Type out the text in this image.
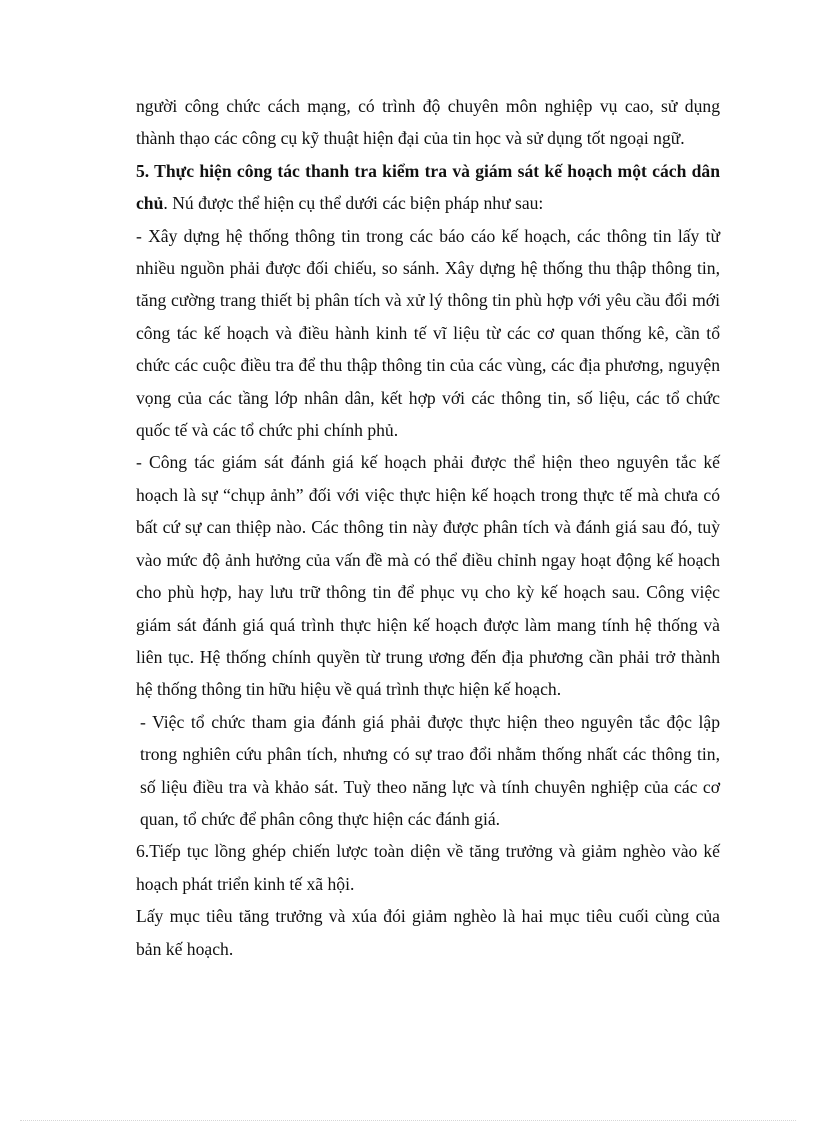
người công chức cách mạng, có trình độ chuyên môn nghiệp vụ cao, sử dụng thành thạo các công cụ kỹ thuật hiện đại của tin học và sử dụng tốt ngoại ngữ.

5. Thực hiện công tác thanh tra kiểm tra và giám sát kế hoạch một cách dân chủ. Nú được thể hiện cụ thể dưới các biện pháp như sau:

- Xây dựng hệ thống thông tin trong các báo cáo kế hoạch, các thông tin lấy từ nhiều nguồn phải được đối chiếu, so sánh. Xây dựng hệ thống thu thập thông tin, tăng cường trang thiết bị phân tích và xử lý thông tin phù hợp với yêu cầu đổi mới công tác kế hoạch và điều hành kinh tế vĩ liệu từ các cơ quan thống kê, cần tổ chức các cuộc điều tra để thu thập thông tin của các vùng, các địa phương, nguyện vọng của các tầng lớp nhân dân, kết hợp với các thông tin, số liệu, các tổ chức quốc tế và các tổ chức phi chính phủ.

- Công tác giám sát đánh giá kế hoạch phải được thể hiện theo nguyên tắc kế hoạch là sự “chụp ảnh” đối với việc thực hiện kế hoạch trong thực tế mà chưa có bất cứ sự can thiệp nào. Các thông tin này được phân tích và đánh giá sau đó, tuỳ vào mức độ ảnh hưởng của vấn đề mà có thể điều chỉnh ngay hoạt động kế hoạch cho phù hợp, hay lưu trữ thông tin để phục vụ cho kỳ kế hoạch sau. Công việc giám sát đánh giá quá trình thực hiện kế hoạch được làm mang tính hệ thống và liên tục. Hệ thống chính quyền từ trung ương đến địa phương cần phải trở thành hệ thống thông tin hữu hiệu về quá trình thực hiện kế hoạch.

- Việc tổ chức tham gia đánh giá phải được thực hiện theo nguyên tắc độc lập trong nghiên cứu phân tích, nhưng có sự trao đổi nhằm thống nhất các thông tin, số liệu điều tra và khảo sát. Tuỳ theo năng lực và tính chuyên nghiệp của các cơ quan, tổ chức để phân công thực hiện các đánh giá.

6.Tiếp tục lồng ghép chiến lược toàn diện về tăng trưởng và giảm nghèo vào kế hoạch phát triển kinh tế xã hội.

Lấy mục tiêu tăng trưởng và xúa đói giảm nghèo là hai mục tiêu cuối cùng của bản kế hoạch.
